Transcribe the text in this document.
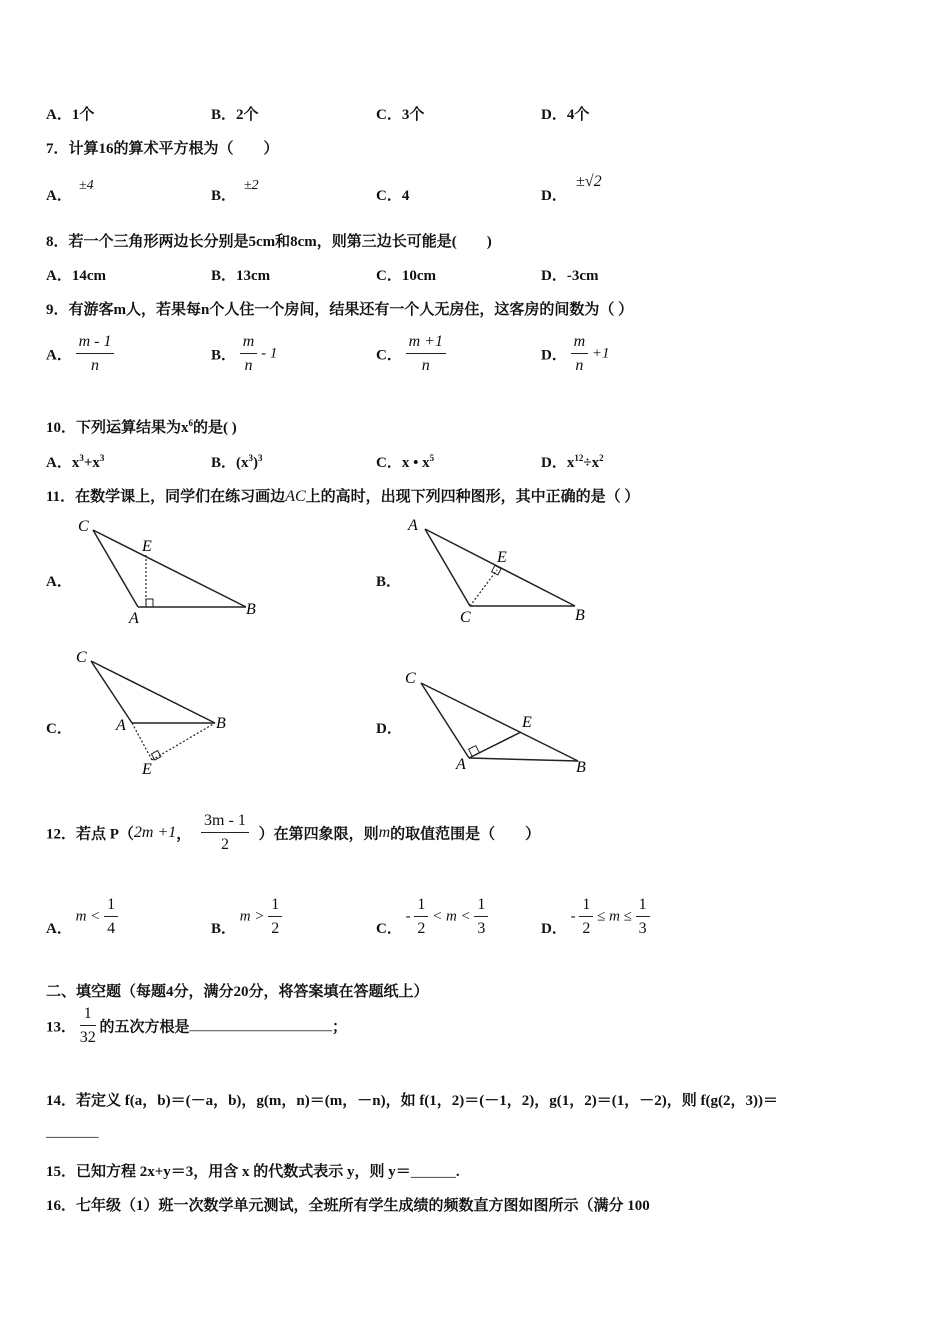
A．1个	B．2个	C．3个	D．4个
7．计算16的算术平方根为（　　）
A．
±4
B．
±2
C．4	D．
±√2
8．若一个三角形两边长分别是5cm和8cm，则第三边长可能是(　　)
A．14cm	B．13cm	C．10cm	D．-3cm
9．有游客m人，若果每n个人住一个房间，结果还有一个人无房住，这客房的间数为（ ）
A． $\frac{m - 1}{n}$	B． $\frac{m}{n} - 1$	C． $\frac{m +1}{n}$	D． $\frac{m}{n} +1$
10．下列运算结果为$x^6$的是( )
A．$x^3+x^3$	B．$(x^3)^3$	C．x • $x^5$	D．$x^{12}\div x^2$
11．在数学课上，同学们在练习画边AC上的高时，出现下列四种图形，其中正确的是（ ）
A．
C
E
A
B
B．
A
E
C	B
C．
C
A	B
E
D．
C
E
A	B
12．若点 P（2m +1， $\frac{3m - 1}{2}$ ）在第四象限，则m的取值范围是（　　）
A． $m < \frac{1}{4}$	B． $m > \frac{1}{2}$	C． - $\frac{1}{2} < m < \frac{1}{3}$	D． - $\frac{1}{2} \le m \le \frac{1}{3}$
二、填空题（每题4分，满分20分，将答案填在答题纸上）
13． $\frac{1}{32}$ 的五次方根是___________________；
14．若定义 f(a，b)＝(－a，b)，g(m，n)＝(m，－n)，如 f(1，2)＝(－1，2)，g(1，2)＝(1，－2)，则 f(g(2，3))＝
_______
15．已知方程 2x+y＝3，用含 x 的代数式表示 y，则 y＝______.
16．七年级（1）班一次数学单元测试，全班所有学生成绩的频数直方图如图所示（满分 100
